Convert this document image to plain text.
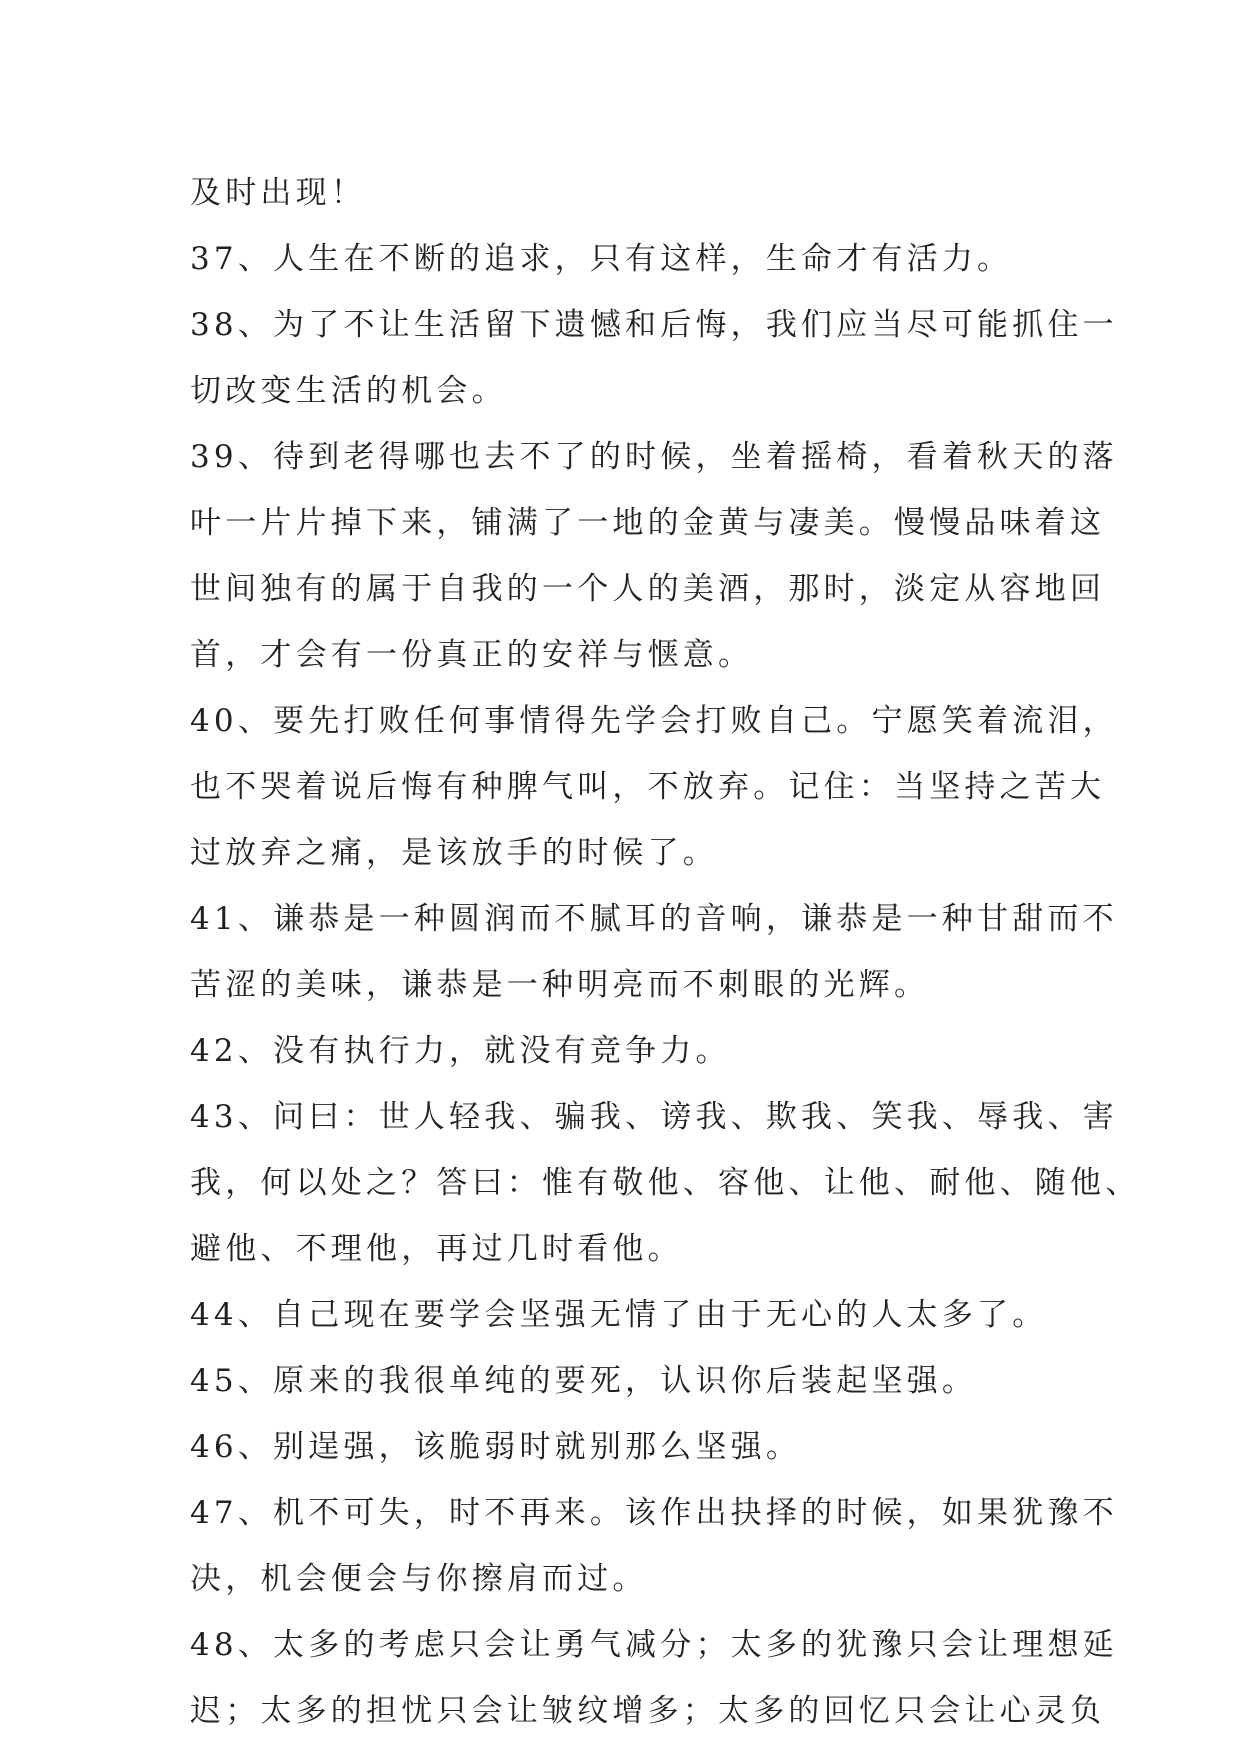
及时出现！
37、人生在不断的追求，只有这样，生命才有活力。
38、为了不让生活留下遗憾和后悔，我们应当尽可能抓住一
切改变生活的机会。
39、待到老得哪也去不了的时候，坐着摇椅，看着秋天的落
叶一片片掉下来，铺满了一地的金黄与凄美。慢慢品味着这
世间独有的属于自我的一个人的美酒，那时，淡定从容地回
首，才会有一份真正的安祥与惬意。
40、要先打败任何事情得先学会打败自己。宁愿笑着流泪，
也不哭着说后悔有种脾气叫，不放弃。记住：当坚持之苦大
过放弃之痛，是该放手的时候了。
41、谦恭是一种圆润而不腻耳的音响，谦恭是一种甘甜而不
苦涩的美味，谦恭是一种明亮而不刺眼的光辉。
42、没有执行力，就没有竞争力。
43、问曰：世人轻我、骗我、谤我、欺我、笑我、辱我、害
我，何以处之？答曰：惟有敬他、容他、让他、耐他、随他、
避他、不理他，再过几时看他。
44、自己现在要学会坚强无情了由于无心的人太多了。
45、原来的我很单纯的要死，认识你后装起坚强。
46、别逞强，该脆弱时就别那么坚强。
47、机不可失，时不再来。该作出抉择的时候，如果犹豫不
决，机会便会与你擦肩而过。
48、太多的考虑只会让勇气减分；太多的犹豫只会让理想延
迟；太多的担忧只会让皱纹增多；太多的回忆只会让心灵负
